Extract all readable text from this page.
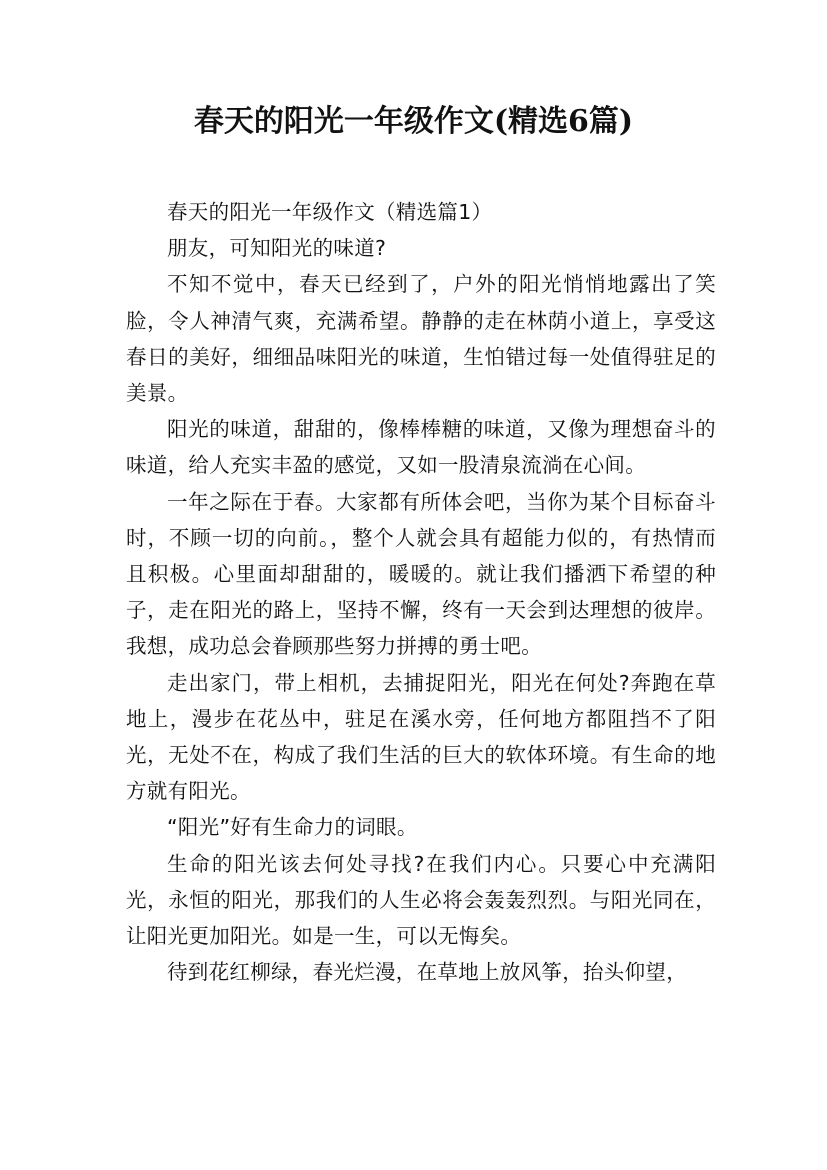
春天的阳光一年级作文(精选6篇)

春天的阳光一年级作文（精选篇1）

朋友，可知阳光的味道?

不知不觉中，春天已经到了，户外的阳光悄悄地露出了笑脸，令人神清气爽，充满希望。静静的走在林荫小道上，享受这春日的美好，细细品味阳光的味道，生怕错过每一处值得驻足的美景。

阳光的味道，甜甜的，像棒棒糖的味道，又像为理想奋斗的味道，给人充实丰盈的感觉，又如一股清泉流淌在心间。

一年之际在于春。大家都有所体会吧，当你为某个目标奋斗时，不顾一切的向前。，整个人就会具有超能力似的，有热情而且积极。心里面却甜甜的，暖暖的。就让我们播洒下希望的种子，走在阳光的路上，坚持不懈，终有一天会到达理想的彼岸。我想，成功总会眷顾那些努力拼搏的勇士吧。

走出家门，带上相机，去捕捉阳光，阳光在何处?奔跑在草地上，漫步在花丛中，驻足在溪水旁，任何地方都阻挡不了阳光，无处不在，构成了我们生活的巨大的软体环境。有生命的地方就有阳光。

“阳光”好有生命力的词眼。

生命的阳光该去何处寻找?在我们内心。只要心中充满阳光，永恒的阳光，那我们的人生必将会轰轰烈烈。与阳光同在，让阳光更加阳光。如是一生，可以无悔矣。

待到花红柳绿，春光烂漫，在草地上放风筝，抬头仰望，
